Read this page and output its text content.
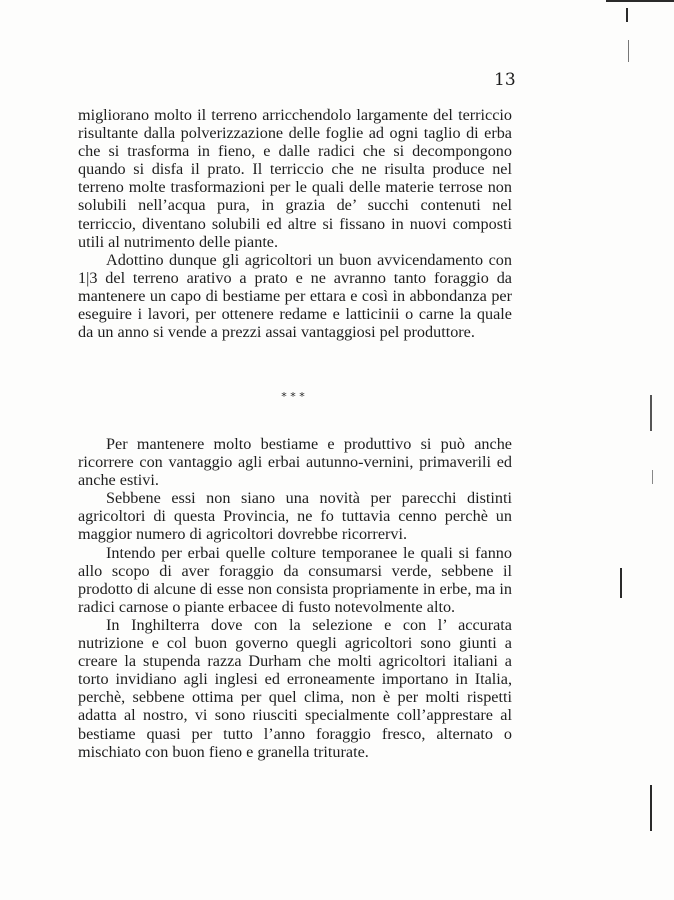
13

migliorano molto il terreno arricchendolo largamente del terriccio risultante dalla polverizzazione delle foglie ad ogni taglio di erba che si trasforma in fieno, e dalle radici che si decompongono quando si disfa il prato. Il terriccio che ne risulta produce nel terreno molte trasformazioni per le quali delle materie terrose non solubili nell’acqua pura, in grazia de’ succhi contenuti nel terriccio, diventano solubili ed altre si fissano in nuovi composti utili al nutrimento delle piante.

Adottino dunque gli agricoltori un buon avvicendamento con 1|3 del terreno arativo a prato e ne avranno tanto foraggio da mantenere un capo di bestiame per ettara e così in abbondanza per eseguire i lavori, per ottenere redame e latticinii o carne la quale da un anno si vende a prezzi assai vantaggiosi pel produttore.

* * *

Per mantenere molto bestiame e produttivo si può anche ricorrere con vantaggio agli erbai autunno-vernini, primaverili ed anche estivi.

Sebbene essi non siano una novità per parecchi distinti agricoltori di questa Provincia, ne fo tuttavia cenno perchè un maggior numero di agricoltori dovrebbe ricorrervi.

Intendo per erbai quelle colture temporanee le quali si fanno allo scopo di aver foraggio da consumarsi verde, sebbene il prodotto di alcune di esse non consista propriamente in erbe, ma in radici carnose o piante erbacee di fusto notevolmente alto.

In Inghilterra dove con la selezione e con l’ accurata nutrizione e col buon governo quegli agricoltori sono giunti a creare la stupenda razza Durham che molti agricoltori italiani a torto invidiano agli inglesi ed erroneamente importano in Italia, perchè, sebbene ottima per quel clima, non è per molti rispetti adatta al nostro, vi sono riusciti specialmente coll’apprestare al bestiame quasi per tutto l’anno foraggio fresco, alternato o mischiato con buon fieno e granella triturate.
